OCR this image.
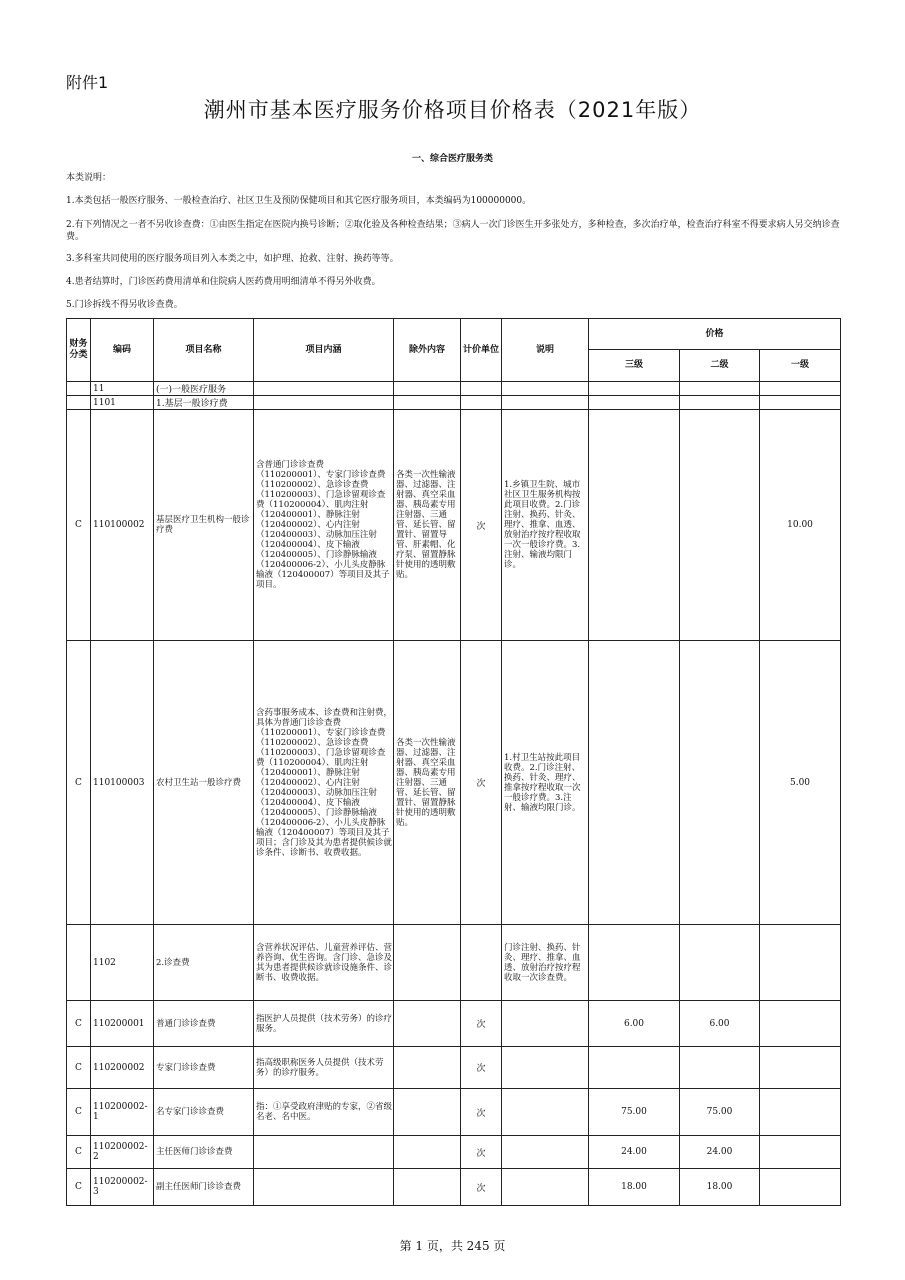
附件1
潮州市基本医疗服务价格项目价格表（2021年版）
一、综合医疗服务类
本类说明：
1.本类包括一般医疗服务、一般检查治疗、社区卫生及预防保健项目和其它医疗服务项目，本类编码为100000000。
2.有下列情况之一者不另收诊查费：①由医生指定在医院内换号诊断；②取化验及各种检查结果；③病人一次门诊医生开多张处方，多种检查，多次治疗单，检查治疗科室不得要求病人另交纳诊查费。
3.多科室共同使用的医疗服务项目列入本类之中，如护理、抢救、注射、换药等等。
4.患者结算时，门诊医药费用清单和住院病人医药费用明细清单不得另外收费。
5.门诊拆线不得另收诊查费。
财务分类	编码	项目名称	项目内涵	除外内容	计价单位	说明	价格		
							三级	二级	一级
	11	(一)一般医疗服务							
	1101	1.基层一般诊疗费							
C	110100002	基层医疗卫生机构一般诊疗费	含普通门诊诊查费（110200001）、专家门诊诊查费（110200002）、急诊诊查费（110200003）、门急诊留观诊查费（110200004）、肌肉注射（120400001）、静脉注射（120400002）、心内注射（120400003）、动脉加压注射（120400004）、皮下输液（120400005）、门诊静脉输液（120400006-2）、小儿头皮静脉输液（120400007）等项目及其子项目。	各类一次性输液器、过滤器、注射器、真空采血器、胰岛素专用注射器、三通管、延长管、留置针、留置导管、肝素帽、化疗泵、留置静脉针使用的透明敷贴。	次	1.乡镇卫生院、城市社区卫生服务机构按此项目收费。2.门诊注射、换药、针灸、理疗、推拿、血透、放射治疗按疗程收取一次一般诊疗费。3.注射、输液均限门诊。			10.00
C	110100003	农村卫生站一般诊疗费	含药事服务成本、诊查费和注射费，具体为普通门诊诊查费（110200001）、专家门诊诊查费（110200002）、急诊诊查费（110200003）、门急诊留观诊查费（110200004）、肌肉注射（120400001）、静脉注射（120400002）、心内注射（120400003）、动脉加压注射（120400004）、皮下输液（120400005）、门诊静脉输液（120400006-2）、小儿头皮静脉输液（120400007）等项目及其子项目；含门诊及其为患者提供候诊就诊条件、诊断书、收费收据。	各类一次性输液器、过滤器、注射器、真空采血器、胰岛素专用注射器、三通管、延长管、留置针、留置静脉针使用的透明敷贴。	次	1.村卫生站按此项目收费。2.门诊注射、换药、针灸、理疗、推拿按疗程收取一次一般诊疗费。3.注射、输液均限门诊。			5.00
	1102	2.诊查费	含营养状况评估、儿童营养评估、营养咨询、优生咨询。含门诊、急诊及其为患者提供候诊就诊设施条件、诊断书、收费收据。			门诊注射、换药、针灸、理疗、推拿、血透、放射治疗按疗程收取一次诊查费。			
C	110200001	普通门诊诊查费	指医护人员提供（技术劳务）的诊疗服务。		次		6.00	6.00	
C	110200002	专家门诊诊查费	指高级职称医务人员提供（技术劳务）的诊疗服务。		次				
C	110200002-1	名专家门诊诊查费	指：①享受政府津贴的专家，②省级名老、名中医。		次		75.00	75.00	
C	110200002-2	主任医师门诊诊查费			次		24.00	24.00	
C	110200002-3	副主任医师门诊诊查费			次		18.00	18.00	
第 1 页，共 245 页
